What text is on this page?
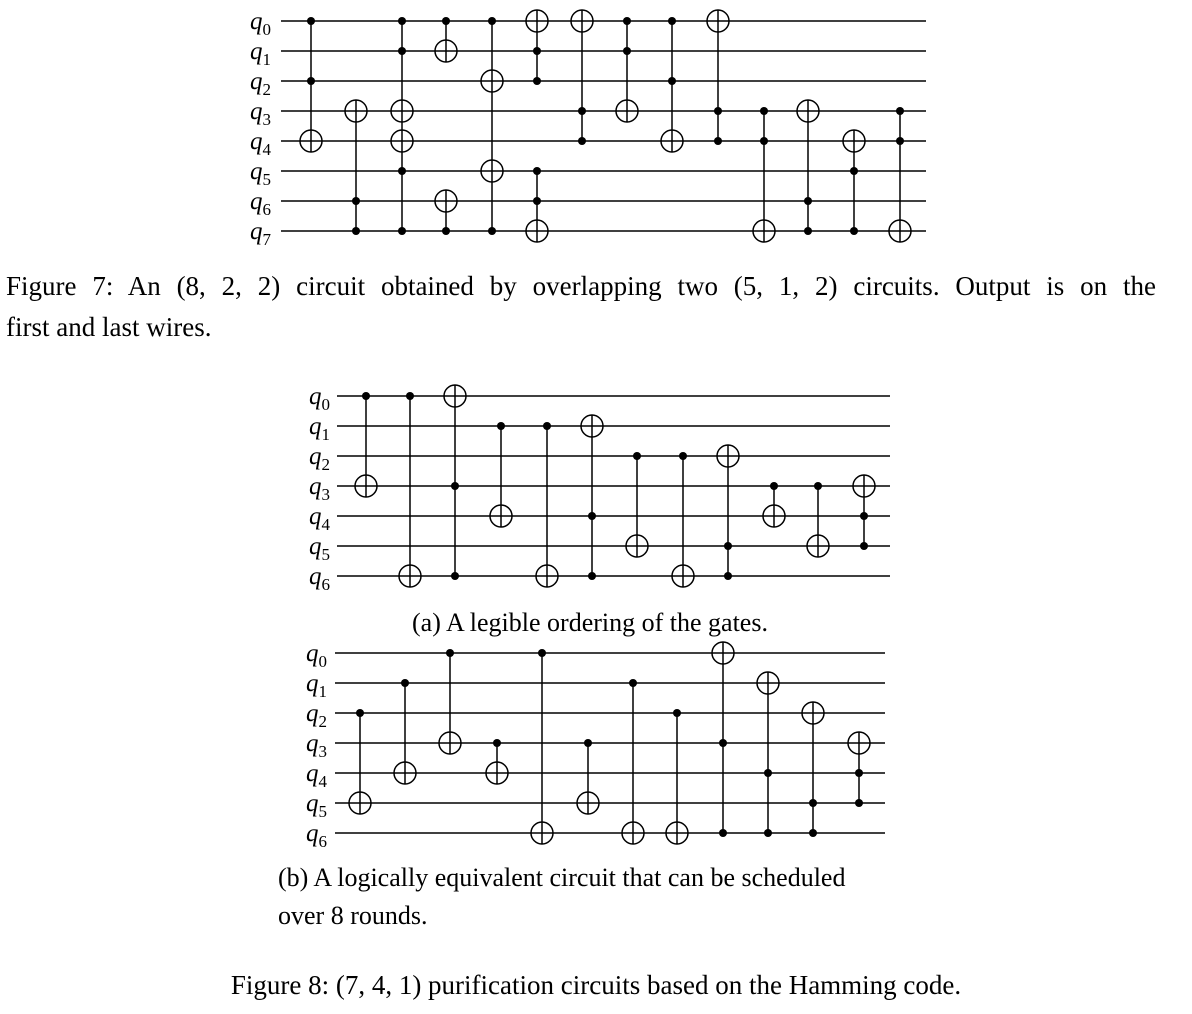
$q_0$
$q_1$
$q_2$
$q_3$
$q_4$
$q_5$
$q_6$
$q_7$
$q_0$
$q_1$
$q_2$
$q_3$
$q_4$
$q_5$
$q_6$
$q_0$
$q_1$
$q_2$
$q_3$
$q_4$
$q_5$
$q_6$
Figure 7: An (8, 2, 2) circuit obtained by overlapping two (5, 1, 2) circuits. Output is on the
first and last wires.
(a) A legible ordering of the gates.
(b) A logically equivalent circuit that can be scheduled
over 8 rounds.
Figure 8: (7, 4, 1) purification circuits based on the Hamming code.
